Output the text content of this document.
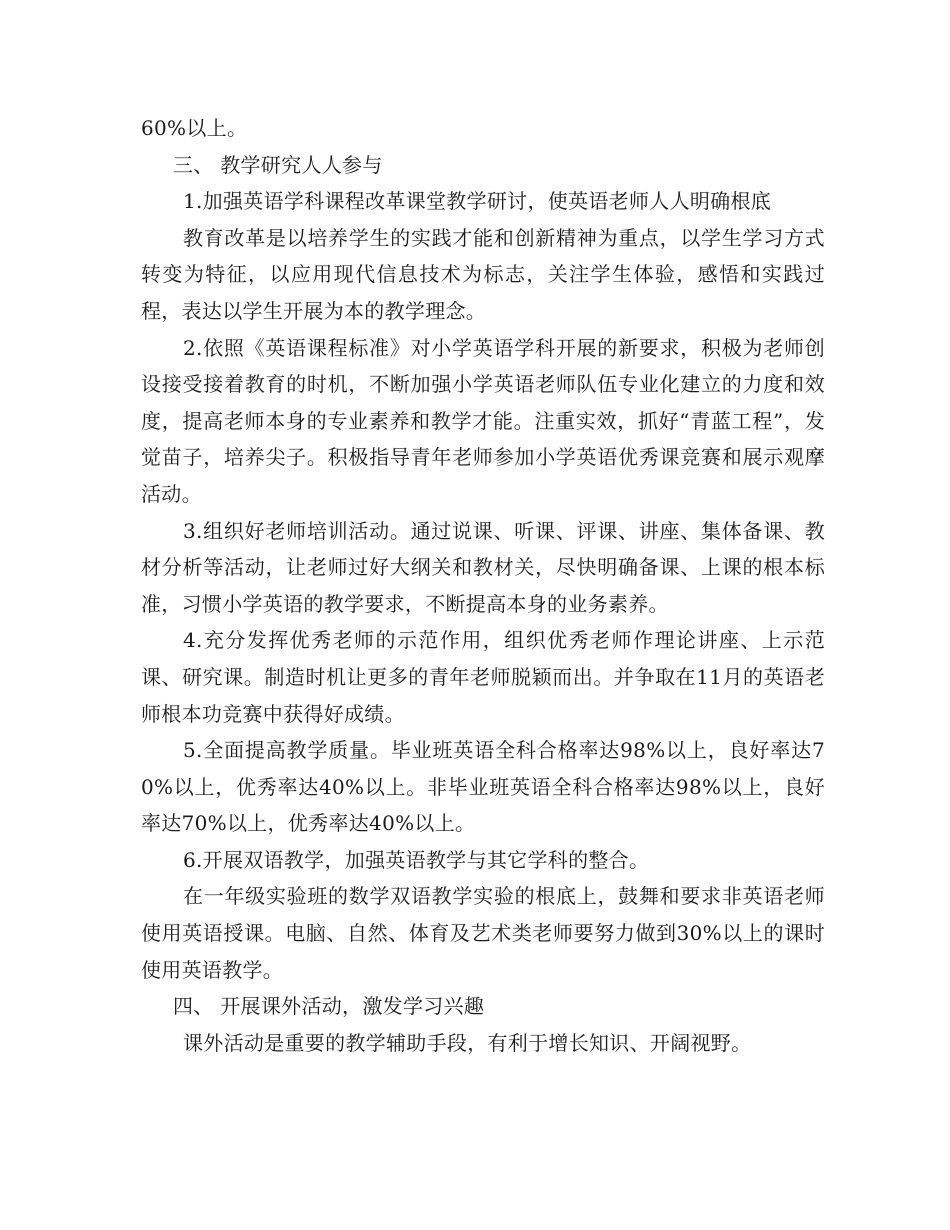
60%以上。

三、 教学研究人人参与

1.加强英语学科课程改革课堂教学研讨，使英语老师人人明确根底

教育改革是以培养学生的实践才能和创新精神为重点，以学生学习方式转变为特征，以应用现代信息技术为标志，关注学生体验，感悟和实践过程，表达以学生开展为本的教学理念。

2.依照《英语课程标准》对小学英语学科开展的新要求，积极为老师创设接受接着教育的时机，不断加强小学英语老师队伍专业化建立的力度和效度，提高老师本身的专业素养和教学才能。注重实效，抓好“青蓝工程”，发觉苗子，培养尖子。积极指导青年老师参加小学英语优秀课竞赛和展示观摩活动。

3.组织好老师培训活动。通过说课、听课、评课、讲座、集体备课、教材分析等活动，让老师过好大纲关和教材关，尽快明确备课、上课的根本标准，习惯小学英语的教学要求，不断提高本身的业务素养。

4.充分发挥优秀老师的示范作用，组织优秀老师作理论讲座、上示范课、研究课。制造时机让更多的青年老师脱颖而出。并争取在11月的英语老师根本功竞赛中获得好成绩。

5.全面提高教学质量。毕业班英语全科合格率达98%以上，良好率达70%以上，优秀率达40%以上。非毕业班英语全科合格率达98%以上，良好率达70%以上，优秀率达40%以上。

6.开展双语教学，加强英语教学与其它学科的整合。

在一年级实验班的数学双语教学实验的根底上，鼓舞和要求非英语老师使用英语授课。电脑、自然、体育及艺术类老师要努力做到30%以上的课时使用英语教学。

四、 开展课外活动，激发学习兴趣

课外活动是重要的教学辅助手段，有利于增长知识、开阔视野。
